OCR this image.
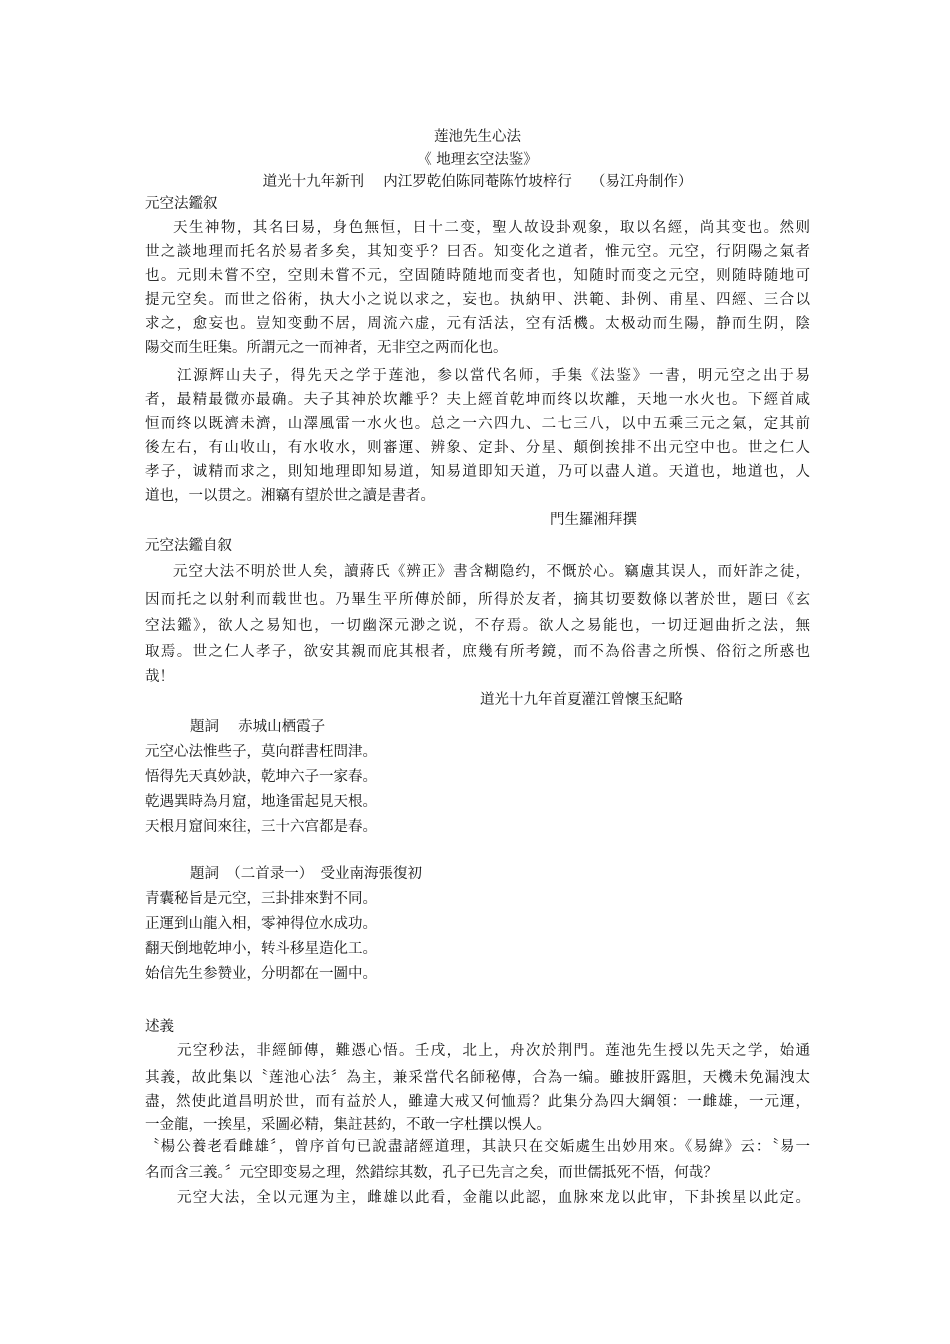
莲池先生心法
《 地理玄空法鉴》
道光十九年新刊　 内江罗乾伯陈同菴陈竹坡梓行　 （易江舟制作）
元空法鑑叙
天生神物，其名曰易，身色無恒，日十二变，聖人故设卦观象，取以名經，尚其变也。然则
世之談地理而托名於易者多矣，其知变乎？曰否。知变化之道者，惟元空。元空，行阴陽之氣者
也。元則未嘗不空，空則未嘗不元，空固随時随地而变者也，知随时而变之元空，则随時随地可
提元空矣。而世之俗術，执大小之说以求之，妄也。执納甲、洪範、卦例、甫星、四經、三合以
求之，愈妄也。豈知变動不居，周流六虚，元有活法，空有活機。太极动而生陽，静而生阴，陰
陽交而生旺集。所謂元之一而神者，无非空之两而化也。
江源辉山夫子，得先天之学于莲池，参以當代名师，手集《法鉴》一書，明元空之出于易
者，最精最微亦最确。夫子其神於坎離乎？夫上經首乾坤而终以坎離，天地一水火也。下經首咸
恒而终以既濟未濟，山澤風雷一水火也。总之一六四九、二七三八，以中五乘三元之氣，定其前
後左右，有山收山，有水收水，则審運、辨象、定卦、分星、顛倒挨排不出元空中也。世之仁人
孝子，诚精而求之，則知地理即知易道，知易道即知天道，乃可以盡人道。天道也，地道也，人
道也，一以贯之。湘竊有望於世之讀是書者。
門生羅湘拜撰
元空法鑑自叙
元空大法不明於世人矣，讀蔣氏《辨正》書含糊隐约，不慨於心。竊慮其误人，而奸詐之徒，
因而托之以射利而载世也。乃畢生平所傳於師，所得於友者，摘其切要数條以著於世，题曰《玄
空法鑑》，欲人之易知也，一切幽深元渺之说，不存焉。欲人之易能也，一切迂迴曲折之法，無
取焉。世之仁人孝子，欲安其親而庇其根者，庶幾有所考鏡，而不為俗書之所悞、俗衍之所惑也
哉！
道光十九年首夏灌江曾懷玉紀略
題詞　 赤城山栖霞子
元空心法惟些子，莫向群書枉問津。
悟得先天真妙訣，乾坤六子一家春。
乾遇巽時為月窟，地逢雷起見天根。
天根月窟间來往，三十六宫都是春。
題詞　（二首录一）　受业南海張復初
青囊秘旨是元空，三卦排來對不同。
正運到山龍入相，零神得位水成功。
翻天倒地乾坤小，转斗移星造化工。
始信先生参赞业，分明都在一圖中。
述義
元空秒法，非經師傳，難憑心悟。壬戌，北上，舟次於荆門。莲池先生授以先天之学，始通
其義，故此集以〝莲池心法〞為主，兼采當代名師秘傳，合為一编。雖披肝露胆，天機未免漏洩太
盡，然使此道昌明於世，而有益於人，雖違大戒又何恤焉？此集分為四大綱領：一雌雄，一元運，
一金龍，一挨星，采圖必精，集註甚約，不敢一字杜撰以悞人。
〝楊公養老看雌雄〞，曾序首句已說盡諸經道理，其訣只在交姤處生出妙用來。《易緯》云：〝易一
名而含三義。〞元空即变易之理，然錯综其数，孔子已先言之矣，而世儒抵死不悟，何哉？
元空大法，全以元運为主，雌雄以此看，金龍以此認，血脉來龙以此审，下卦挨星以此定。
